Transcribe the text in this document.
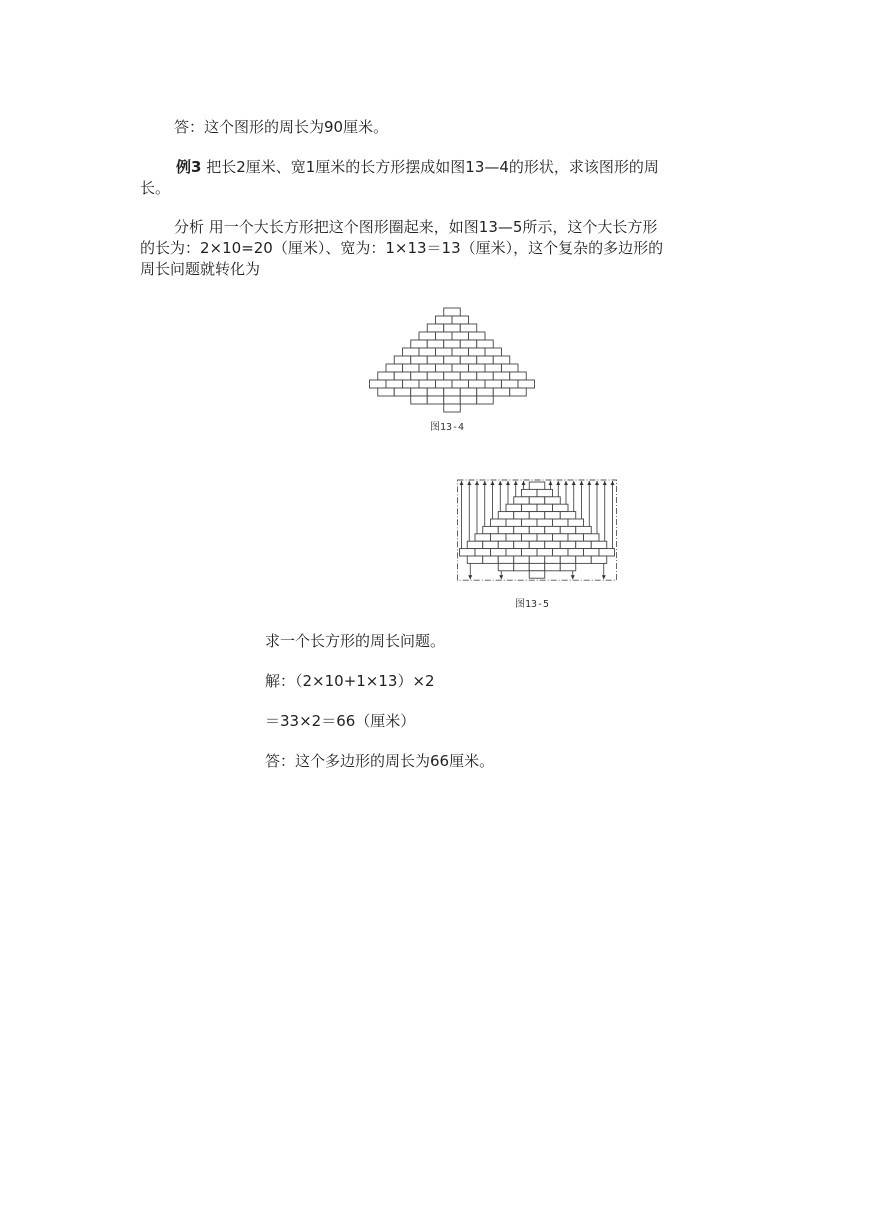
答：这个图形的周长为90厘米。
例3 把长2厘米、宽1厘米的长方形摆成如图13—4的形状，求该图形的周
长。
分析 用一个大长方形把这个图形圈起来，如图13—5所示，这个大长方形
的长为：2×10=20（厘米）、宽为：1×13＝13（厘米），这个复杂的多边形的
周长问题就转化为
图13-4
图13-5
求一个长方形的周长问题。
解：（2×10+1×13）×2
＝33×2＝66（厘米）
答：这个多边形的周长为66厘米。
